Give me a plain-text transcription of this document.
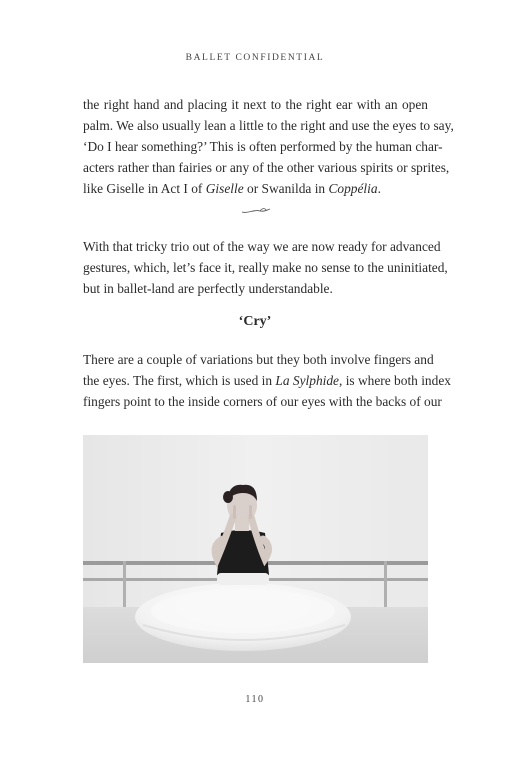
BALLET CONFIDENTIAL
the right hand and placing it next to the right ear with an open
palm. We also usually lean a little to the right and use the eyes to say,
‘Do I hear something?’ This is often performed by the human char-
acters rather than fairies or any of the other various spirits or sprites,
like Giselle in Act I of Giselle or Swanilda in Coppélia.
With that tricky trio out of the way we are now ready for advanced
gestures, which, let’s face it, really make no sense to the uninitiated,
but in ballet-land are perfectly understandable.
‘Cry’
There are a couple of variations but they both involve fingers and
the eyes. The first, which is used in La Sylphide, is where both index
fingers point to the inside corners of our eyes with the backs of our
110
